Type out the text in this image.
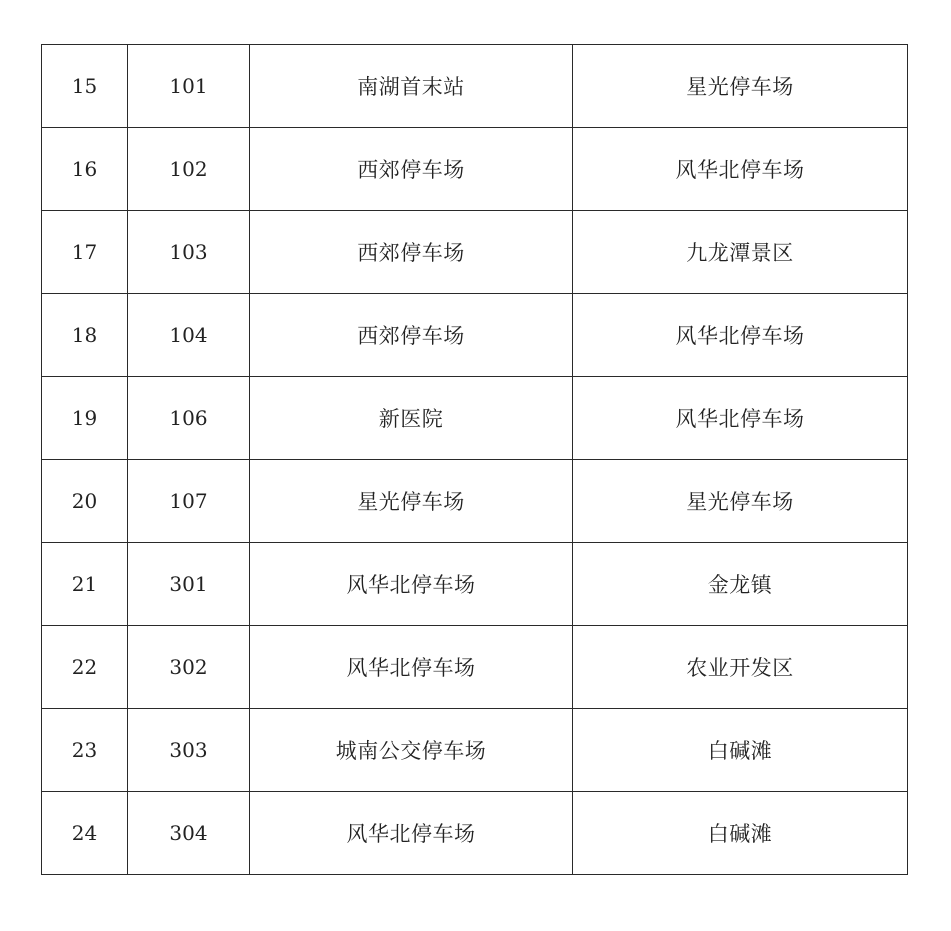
15	101	南湖首末站	星光停车场
16	102	西郊停车场	风华北停车场
17	103	西郊停车场	九龙潭景区
18	104	西郊停车场	风华北停车场
19	106	新医院	风华北停车场
20	107	星光停车场	星光停车场
21	301	风华北停车场	金龙镇
22	302	风华北停车场	农业开发区
23	303	城南公交停车场	白碱滩
24	304	风华北停车场	白碱滩
